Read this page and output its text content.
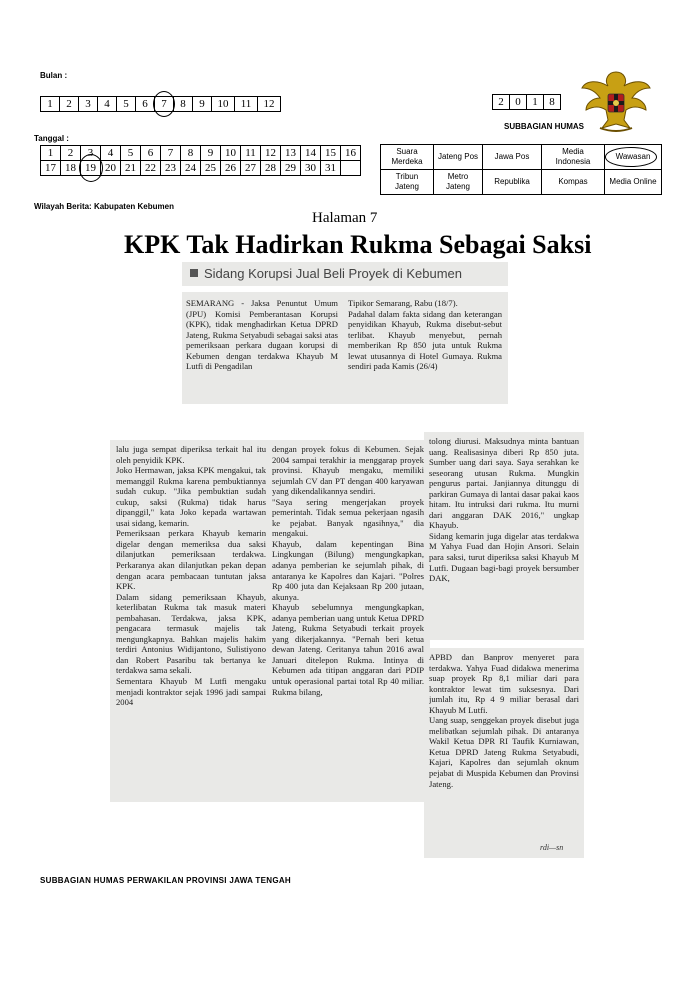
Bulan :
1	2	3	4	5	6	7	8	9	10	11	12	2	0	1	8
SUBBAGIAN HUMAS
Tanggal :
1	2	3	4	5	6	7	8	9	10	11	12	13	14	15	16
17	18	19	20	21	22	23	24	25	26	27	28	29	30	31	
Suara Merdeka	Jateng Pos	Jawa Pos	Media Indonesia	Wawasan

Tribun Jateng	Metro Jateng	Republika	Kompas	Media Online
Wilayah Berita: Kabupaten Kebumen
Halaman 7
KPK Tak Hadirkan Rukma Sebagai Saksi
Sidang Korupsi Jual Beli Proyek di Kebumen
SEMARANG - Jaksa Penuntut Umum (JPU) Komisi Pemberantasan Korupsi (KPK), tidak menghadirkan Ketua DPRD Jateng, Rukma Setyabudi sebagai saksi atas pemeriksaan perkara dugaan korupsi di Kebumen dengan terdakwa Khayub M Lutfi di Pengadilan
Tipikor Semarang, Rabu (18/7).
Padahal dalam fakta sidang dan keterangan penyidikan Khayub, Rukma disebut-sebut terlibat. Khayub menyebut, pernah memberikan Rp 850 juta untuk Rukma lewat utusannya di Hotel Gumaya. Rukma sendiri pada Kamis (26/4)
lalu juga sempat diperiksa terkait hal itu oleh penyidik KPK.
Joko Hermawan, jaksa KPK mengakui, tak memanggil Rukma karena pembuktiannya sudah cukup. "Jika pembuktian sudah cukup, saksi (Rukma) tidak harus dipanggil," kata Joko kepada wartawan usai sidang, kemarin.
Pemeriksaan perkara Khayub kemarin digelar dengan memeriksa dua saksi dilanjutkan pemeriksaan terdakwa. Perkaranya akan dilanjutkan pekan depan dengan acara pembacaan tuntutan jaksa KPK.
Dalam sidang pemeriksaan Khayub, keterlibatan Rukma tak masuk materi pembahasan. Terdakwa, jaksa KPK, pengacara termasuk majelis tak mengungkapnya. Bahkan majelis hakim terdiri Antonius Widijantono, Sulistiyono dan Robert Pasaribu tak bertanya ke terdakwa sama sekali.
Sementara Khayub M Lutfi mengaku menjadi kontraktor sejak 1996 jadi sampai 2004
dengan proyek fokus di Kebumen. Sejak 2004 sampai terakhir ia menggarap proyek provinsi. Khayub mengaku, memiliki sejumlah CV dan PT dengan 400 karyawan yang dikendalikannya sendiri.
"Saya sering mengerjakan proyek pemerintah. Tidak semua pekerjaan ngasih ke pejabat. Banyak ngasihnya," dia mengakui.
Khayub, dalam kepentingan Bina Lingkungan (Bilung) mengungkapkan, adanya pemberian ke sejumlah pihak, di antaranya ke Kapolres dan Kajari. "Polres Rp 400 juta dan Kejaksaan Rp 200 jutaan, akunya.
Khayub sebelumnya mengungkapkan, adanya pemberian uang untuk Ketua DPRD Jateng, Rukma Setyabudi terkait proyek yang dikerjakannya. "Pernah beri ketua dewan Jateng. Ceritanya tahun 2016 awal Januari ditelepon Rukma. Intinya di Kebumen ada titipan anggaran dari PDIP untuk operasional partai total Rp 40 miliar. Rukma bilang,
tolong diurusi. Maksudnya minta bantuan uang. Realisasinya diberi Rp 850 juta. Sumber uang dari saya. Saya serahkan ke seseorang utusan Rukma. Mungkin pengurus partai. Janjiannya ditunggu di parkiran Gumaya di lantai dasar pakai kaos hitam. Itu intruksi dari rukma. Itu murni dari anggaran DAK 2016," ungkap Khayub.
Sidang kemarin juga digelar atas terdakwa M Yahya Fuad dan Hojin Ansori. Selain para saksi, turut diperiksa saksi Khayub M Lutfi. Dugaan bagi-bagi proyek bersumber DAK,
APBD dan Banprov menyeret para terdakwa. Yahya Fuad didakwa menerima suap proyek Rp 8,1 miliar dari para kontraktor lewat tim suksesnya. Dari jumlah itu, Rp 4 9 miliar berasal dari Khayub M Lutfi.
Uang suap, senggekan proyek disebut juga melibatkan sejumlah pihak. Di antaranya Wakil Ketua DPR RI Taufik Kurniawan, Ketua DPRD Jateng Rukma Setyabudi, Kajari, Kapolres dan sejumlah oknum pejabat di Muspida Kebumen dan Provinsi Jateng.
rdi—sn
SUBBAGIAN HUMAS PERWAKILAN PROVINSI JAWA TENGAH
